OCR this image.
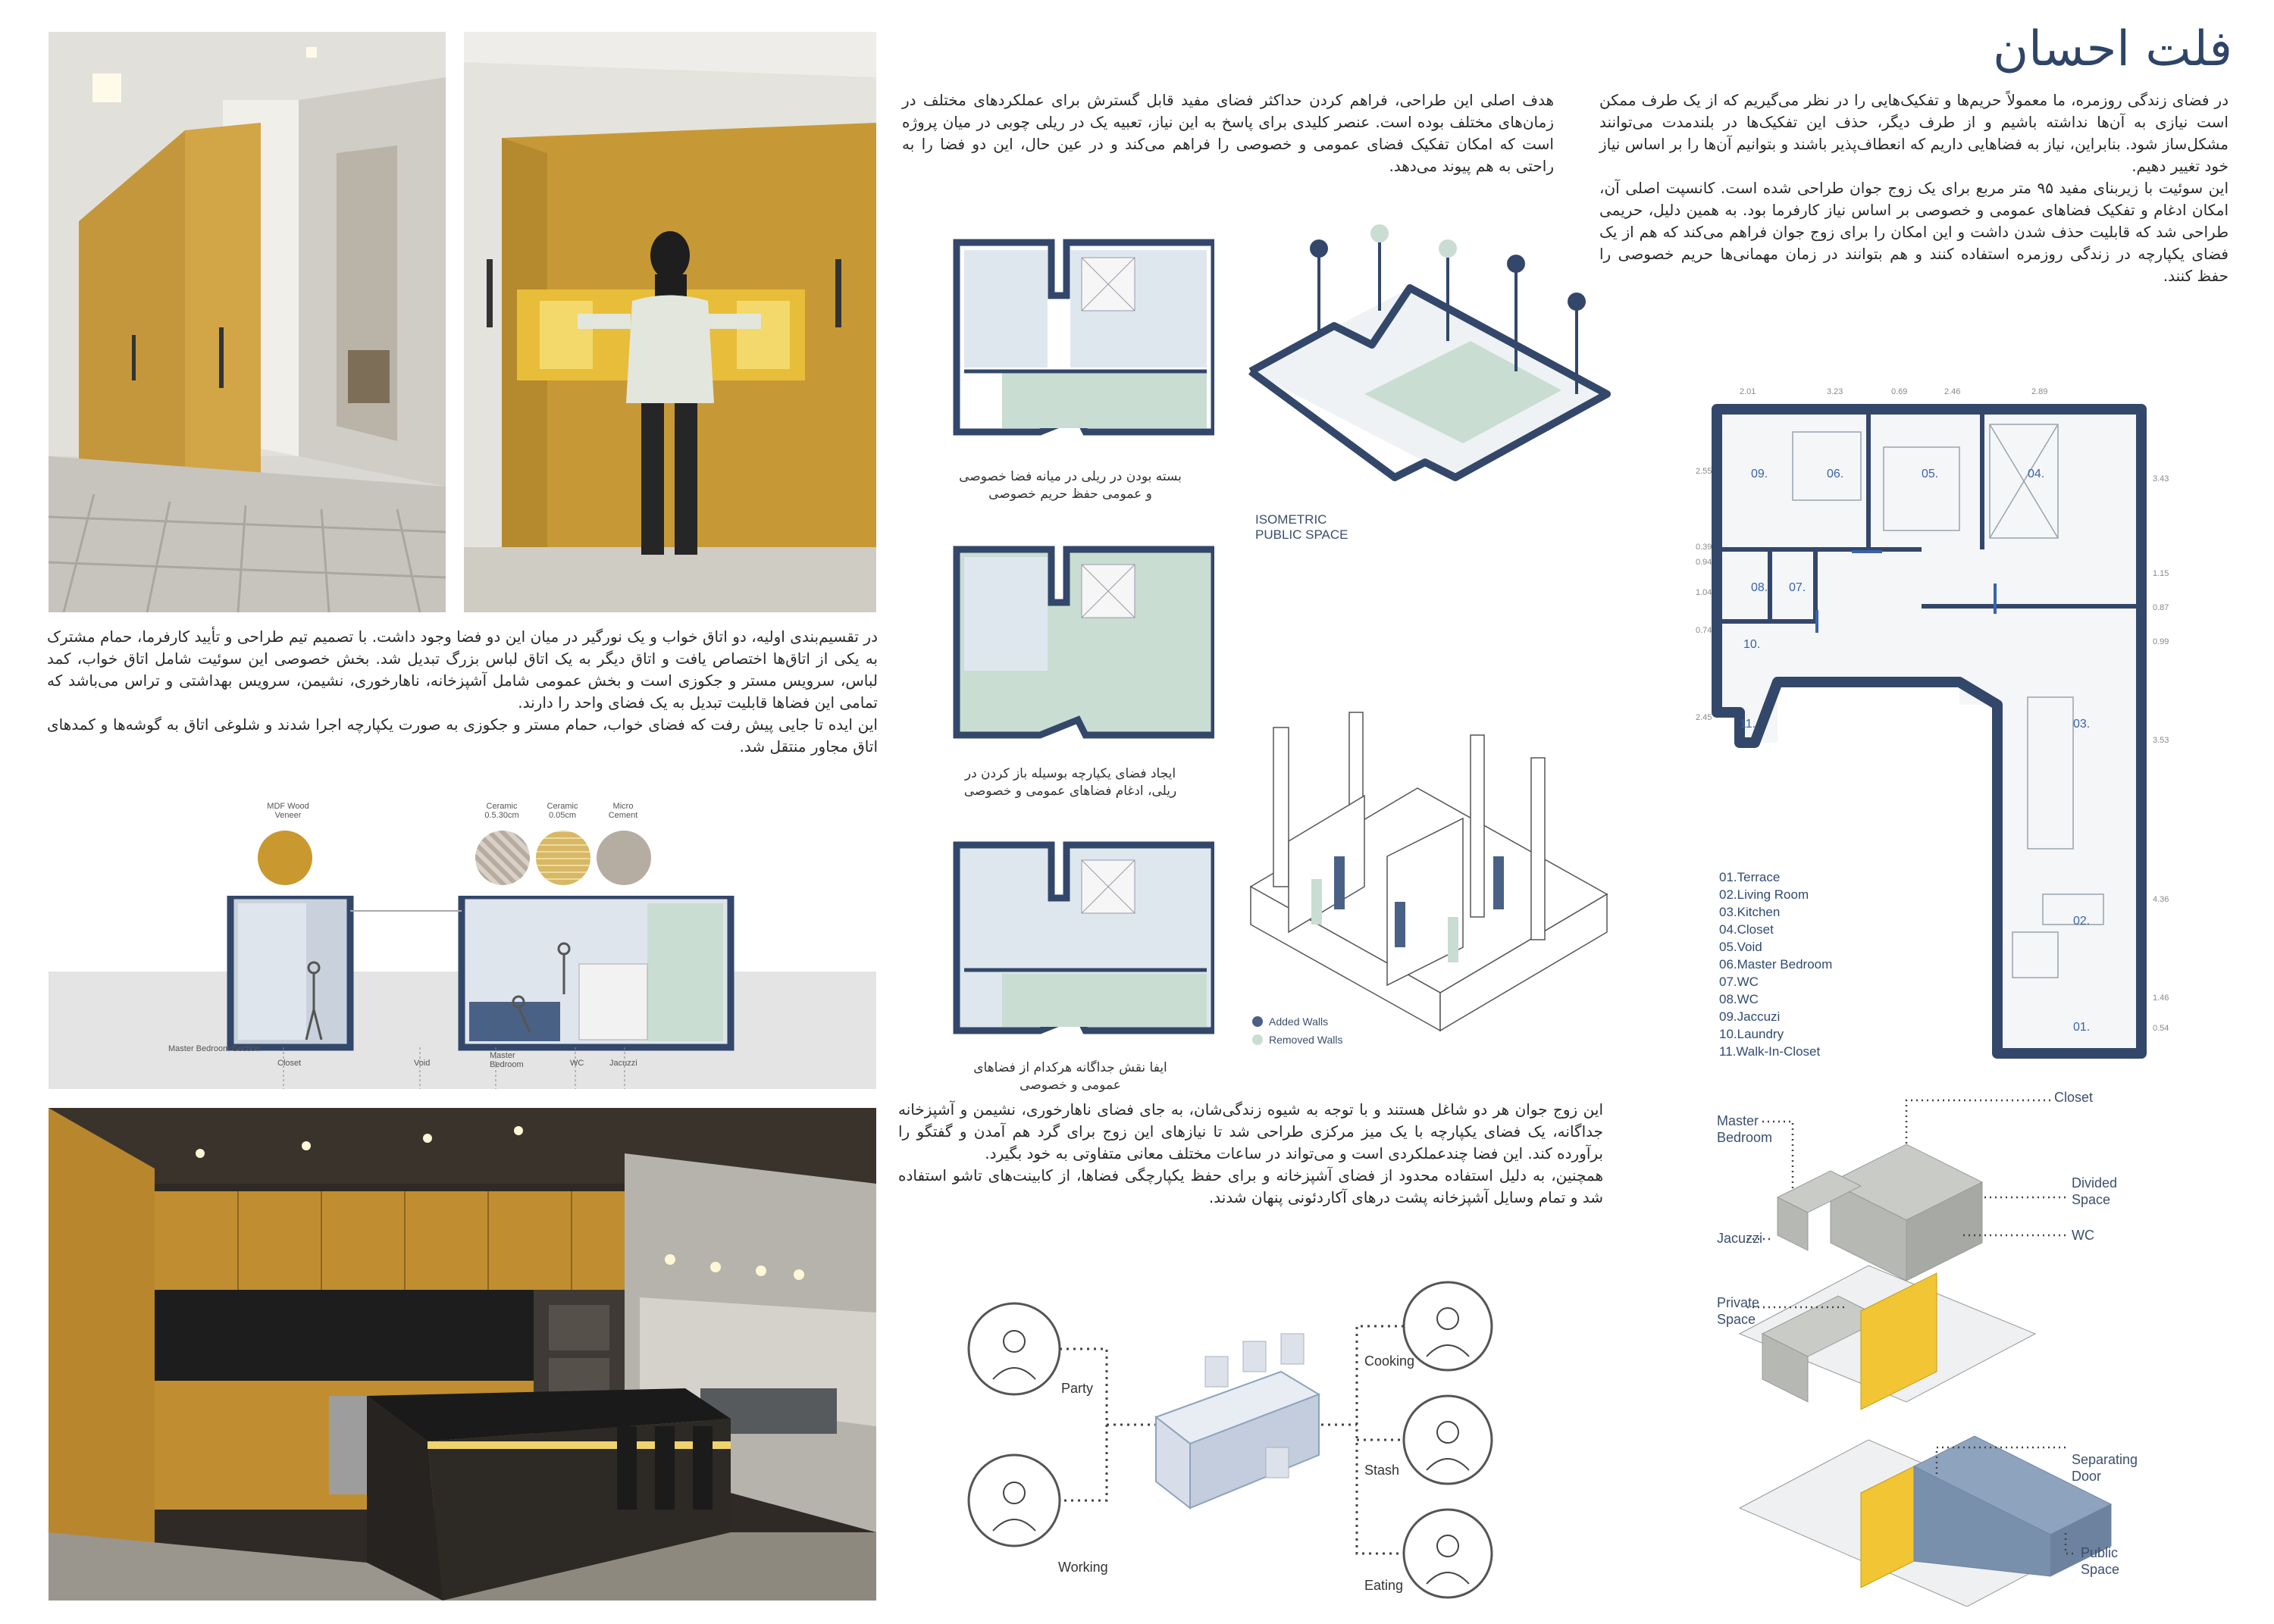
فلت احسان
در فضای زندگی روزمره، ما معمولاً حریم‌ها و تفکیک‌هایی را در نظر می‌گیریم که از یک طرف ممکن است نیازی به آن‌ها نداشته باشیم و از طرف دیگر، حذف این تفکیک‌ها در بلندمدت می‌توانند مشکل‌ساز شود. بنابراین، نیاز به فضاهایی داریم که انعطاف‌پذیر باشند و بتوانیم آن‌ها را بر اساس نیاز خود تغییر دهیم.
این سوئیت با زیربنای مفید ۹۵ متر مربع برای یک زوج جوان طراحی شده است. کانسپت اصلی آن، امکان ادغام و تفکیک فضاهای عمومی و خصوصی بر اساس نیاز کارفرما بود. به همین دلیل، حریمی طراحی شد که قابلیت حذف شدن داشت و این امکان را برای زوج جوان فراهم می‌کند که هم از یک فضای یکپارچه در زندگی روزمره استفاده کنند و هم بتوانند در زمان مهمانی‌ها حریم خصوصی را حفظ کنند.
هدف اصلی این طراحی، فراهم کردن حداکثر فضای مفید قابل گسترش برای عملکردهای مختلف در زمان‌های مختلف بوده است. عنصر کلیدی برای پاسخ به این نیاز، تعبیه یک در ریلی چوبی در میان پروژه است که امکان تفکیک فضای عمومی و خصوصی را فراهم می‌کند و در عین حال، این دو فضا را به راحتی به هم پیوند می‌دهد.
در تقسیم‌بندی اولیه، دو اتاق خواب و یک نورگیر در میان این دو فضا وجود داشت. با تصمیم تیم طراحی و تأیید کارفرما، حمام مشترک به یکی از اتاق‌ها اختصاص یافت و اتاق دیگر به یک اتاق لباس بزرگ تبدیل شد. بخش خصوصی این سوئیت شامل اتاق خواب، کمد لباس، سرویس مستر و جکوزی است و بخش عمومی شامل آشپزخانه، ناهارخوری، نشیمن، سرویس بهداشتی و تراس می‌باشد که تمامی این فضاها قابلیت تبدیل به یک فضای واحد را دارند.
این ایده تا جایی پیش رفت که فضای خواب، حمام مستر و جکوزی به صورت یکپارچه اجرا شدند و شلوغی اتاق به گوشه‌ها و کمدهای اتاق مجاور منتقل شد.
این زوج جوان هر دو شاغل هستند و با توجه به شیوه زندگی‌شان، به جای فضای ناهارخوری، نشیمن و آشپزخانه جداگانه، یک فضای یکپارچه با یک میز مرکزی طراحی شد تا نیازهای این زوج برای گرد هم آمدن و گفتگو را برآورده کند. این فضا چندعملکردی است و می‌تواند در ساعات مختلف معانی متفاوتی به خود بگیرد.
همچنین، به دلیل استفاده محدود از فضای آشپزخانه و برای حفظ یکپارچگی فضاها، از کابینت‌های تاشو استفاده شد و تمام وسایل آشپزخانه پشت درهای آکاردئونی پنهان شدند.
بسته بودن در ریلی در میانه فضا خصوصی
و عمومی حفظ حریم خصوصی
ایجاد فضای یکپارچه بوسیله باز کردن در
ریلی، ادغام فضاهای عمومی و خصوصی
ایفا نقش جداگانه هرکدام از فضاهای
عمومی و خصوصی
ISOMETRIC
PUBLIC SPACE
Added Walls
Removed Walls
MDF Wood
Veneer
Ceramic
0.5.30cm
Ceramic
0.05cm
Micro
Cement
Master Bedroom Section
Closet	Void
Master
Bedroom	WC	Jacuzzi
Party
Working
Cooking
Stash
Eating
09.	06.	05.	04.
08. 07.
10.
11.	03.
02.
01.
2.01	3.23	0.69	2.46	2.89
2.55
0.39
0.94
1.04
0.74
2.45
3.43
1.15
0.87
0.99
3.53
4.36
1.46
0.54
01.Terrace
02.Living Room
03.Kitchen
04.Closet
05.Void
06.Master Bedroom
07.WC
08.WC
09.Jaccuzi
10.Laundry
11.Walk-In-Closet
Closet
Master
Bedroom
Divided
Space
WC
Jacuzzi
Private
Space
Separating
Door
Public
Space
